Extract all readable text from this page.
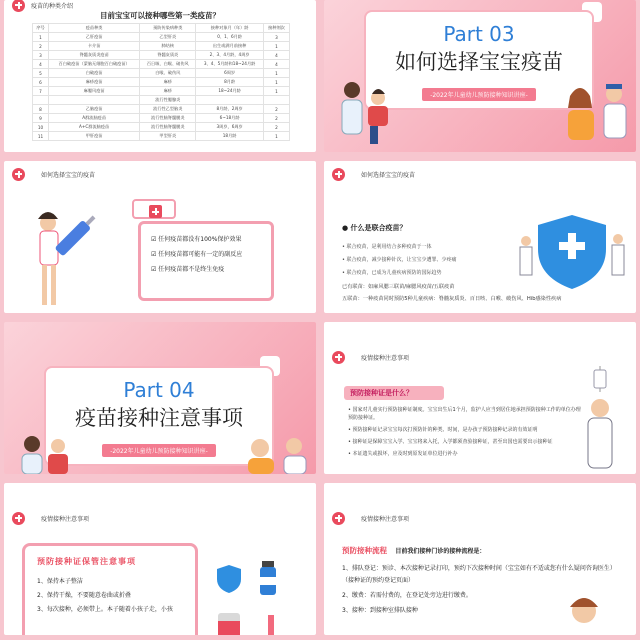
疫苗的种类介绍
目前宝宝可以接种哪些第一类疫苗？
序号	疫苗种类	预防传染病种类	接种对象月（年）龄	接种剂次
1	乙肝疫苗	乙型肝炎	0、1、6月龄	3
2	卡介苗	肺结核	出生或满月前接种	1
3	脊髓灰质炎疫苗	脊髓灰质炎	2、3、4月龄，4周岁	4
4	百白破疫苗（蒙脑无细胞百白破疫苗）	百日咳、白喉、破伤风	3、4、5月龄和18~24月龄	4
5	白破疫苗	白喉、破伤风	6周岁	1
6	麻疹疫苗	麻疹	8月龄	1
7	麻腮风疫苗	麻疹	18~24月龄	1
		流行性腮腺炎		
8	乙脑疫苗	流行性乙型脑炎	8月龄，2周岁	2
9	A群流脑疫苗	流行性脑脊髓膜炎	6~18月龄	2
10	A+C群流脑疫苗	流行性脑脊髓膜炎	3周岁，6周岁	2
11	甲肝疫苗	甲型肝炎	18月龄	1
Part 03
如何选择宝宝疫苗
-2022年儿童幼儿预防接种知识讲座-
如何选择宝宝的疫苗
☑ 任何疫苗都没有100%保护效果
☑ 任何疫苗都可能有一定的副反应
☑ 任何疫苗都不是终生免疫
如何选择宝宝的疫苗
● 什么是联合疫苗？
• 联合疫苗，是利用结合多种疫苗于一体
• 联合疫苗，减少接种针次，让宝宝少遭罪、少疼痛
• 联合疫苗，已成为儿童疾病预防的国际趋势
已有联苗：如麻风腮三联苗/麻腮风疫苗/五联疫苗
五联苗：一种疫苗同时预防5种儿童疾病：脊髓灰质炎、百日咳、白喉、破伤风、Hib感染性疾病
Part 04
疫苗接种注意事项
-2022年儿童幼儿预防接种知识讲座-
疫情接种注意事项
预防接种证是什么？
• 国家对儿童实行预防接种证制度。宝宝出生后1个月，监护人应当到居住地承担预防接种工作的单位办理预防接种证。
• 预防接种证记录宝宝每次打预防针的种类、时间，是办孩子预防接种记录的有效证明
• 接种证是保障宝宝入学、宝宝将来入托，入学都须查验接种证，甚至出国也需要出示接种证
• 本证遗失或损坏，应及时到原发证单位进行补办
疫情接种注意事项
预防接种证保管注意事项
1、保持本子整洁
2、保持干燥，不要随意卷曲或折叠
3、每次接种，必须带上。本子随着小孩子走，小孩
疫情接种注意事项
预防接种流程 目前我们接种门诊的接种流程是：
1、排队登记：预诊、本次接种记录打印，预约下次接种时间（宝宝如有不适或您有什么疑问咨询医生）（接种证的预约登记页面）
2、缴费：若需付费的，在登记处旁边进行缴费。
3、接种：到接种室排队接种
